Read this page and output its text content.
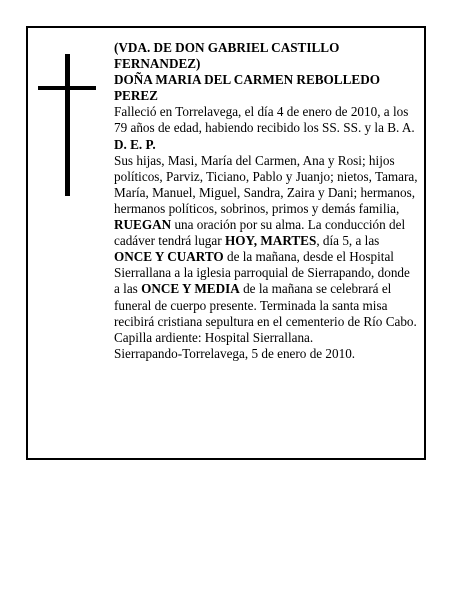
(VDA. DE DON GABRIEL CASTILLO FERNANDEZ)

DOÑA MARIA DEL CARMEN REBOLLEDO PEREZ

Falleció en Torrelavega, el día 4 de enero de 2010, a los 79 años de edad, habiendo recibido los SS. SS. y la B. A.

D. E. P.

Sus hijas, Masi, María del Carmen, Ana y Rosi; hijos políticos, Parviz, Ticiano, Pablo y Juanjo; nietos, Tamara, María, Manuel, Miguel, Sandra, Zaira y Dani; hermanos, hermanos políticos, sobrinos, primos y demás familia,

RUEGAN una oración por su alma. La conducción del cadáver tendrá lugar HOY, MARTES, día 5, a las ONCE Y CUARTO de la mañana, desde el Hospital Sierrallana a la iglesia parroquial de Sierrapando, donde a las ONCE Y MEDIA de la mañana se celebrará el funeral de cuerpo presente. Terminada la santa misa recibirá cristiana sepultura en el cementerio de Río Cabo. Capilla ardiente: Hospital Sierrallana.

Sierrapando-Torrelavega, 5 de enero de 2010.
